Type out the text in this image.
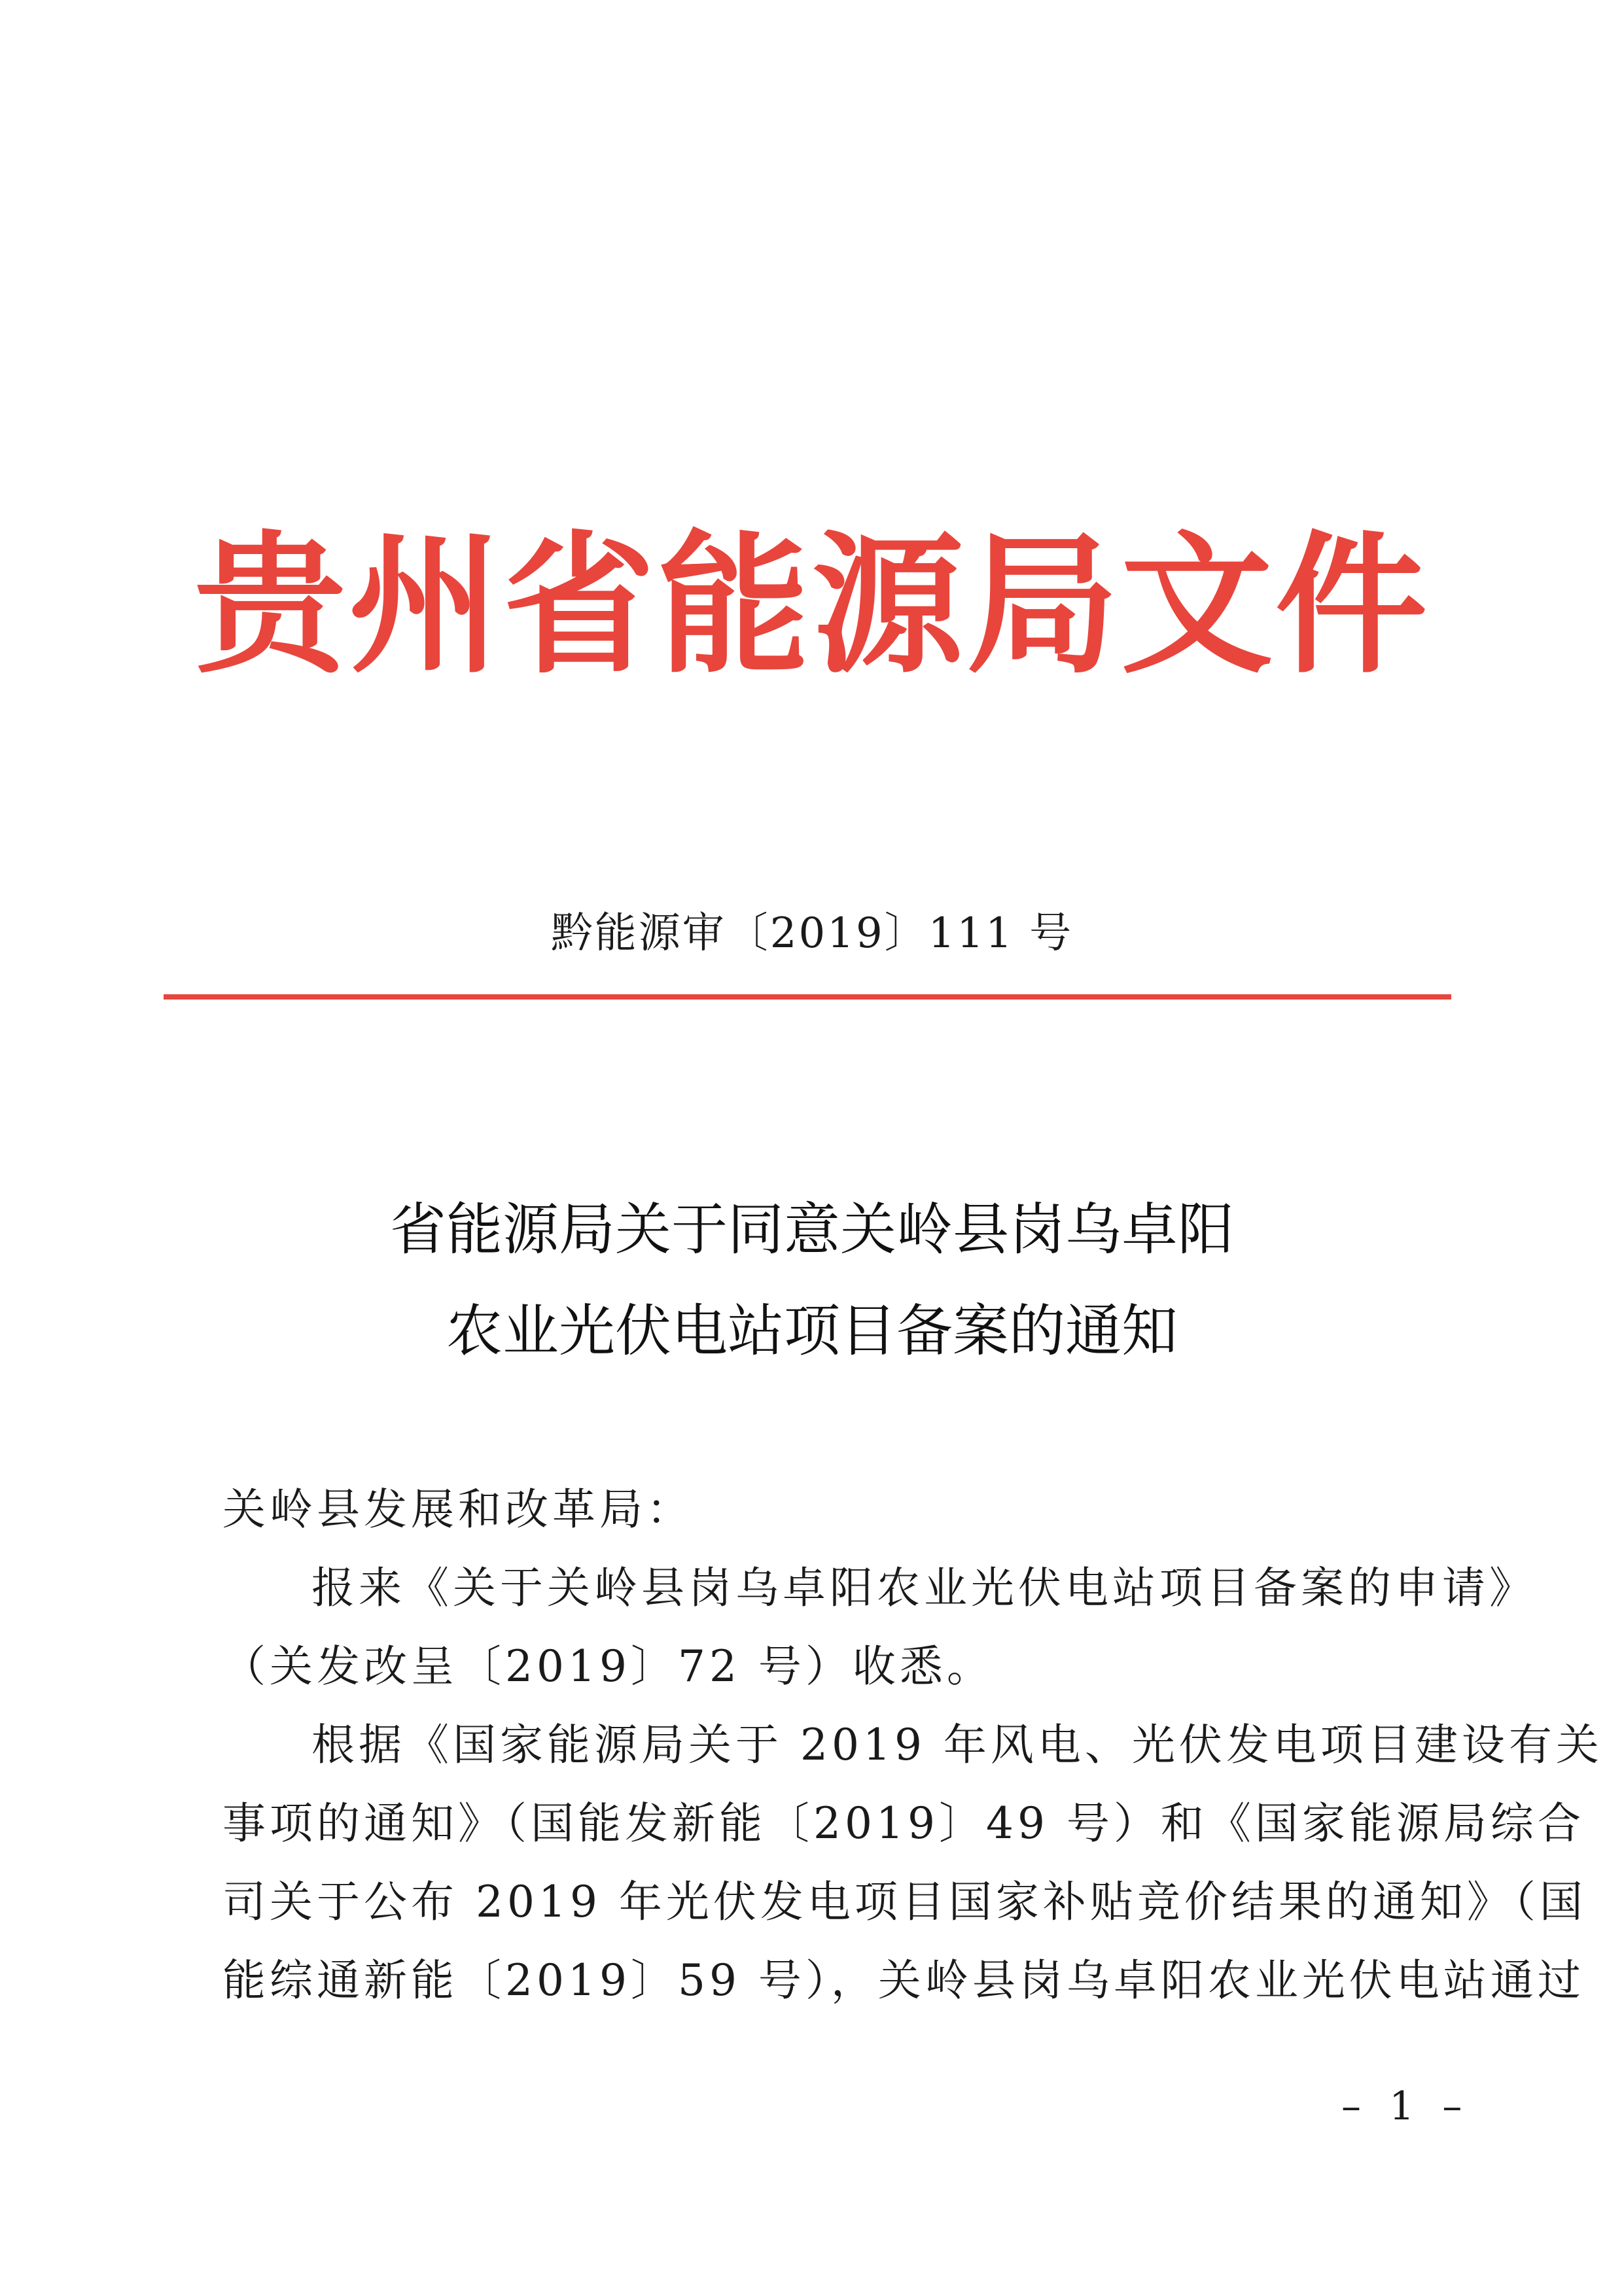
贵州省能源局文件
黔能源审〔2019〕111 号
省能源局关于同意关岭县岗乌卓阳
农业光伏电站项目备案的通知
关岭县发展和改革局：
报来《关于关岭县岗乌卓阳农业光伏电站项目备案的申请》
（关发改呈〔2019〕72 号）收悉。
根据《国家能源局关于 2019 年风电、光伏发电项目建设有关
事项的通知》（国能发新能〔2019〕49 号）和《国家能源局综合
司关于公布 2019 年光伏发电项目国家补贴竞价结果的通知》（国
能综通新能〔2019〕59 号），关岭县岗乌卓阳农业光伏电站通过
– 1 –
